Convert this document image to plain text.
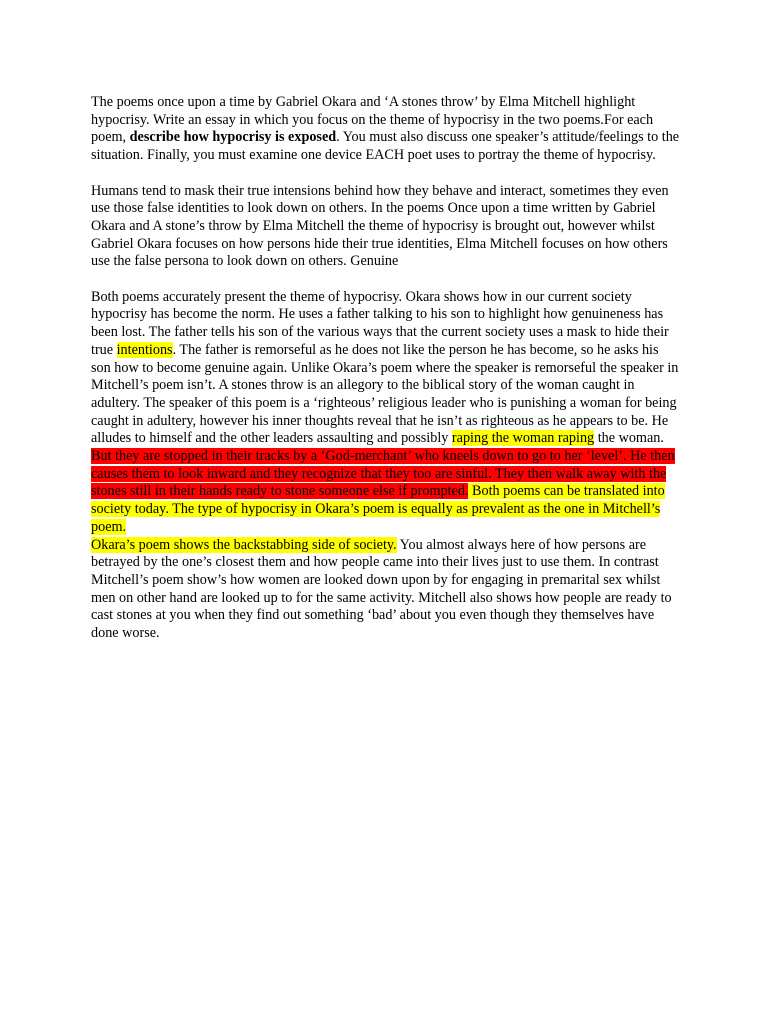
The poems once upon a time by Gabriel Okara and ‘A stones throw’ by Elma Mitchell highlight hypocrisy. Write an essay in which you focus on the theme of hypocrisy in the two poems.For each poem, describe how hypocrisy is exposed. You must also discuss one speaker’s attitude/feelings to the situation. Finally, you must examine one device EACH poet uses to portray the theme of hypocrisy.

Humans tend to mask their true intensions behind how they behave and interact, sometimes they even use those false identities to look down on others. In the poems Once upon a time written by Gabriel Okara and A stone’s throw by Elma Mitchell the theme of hypocrisy is brought out, however whilst Gabriel Okara focuses on how persons hide their true identities, Elma Mitchell focuses on how others use the false persona to look down on others. Genuine

Both poems accurately present the theme of hypocrisy. Okara shows how in our current society hypocrisy has become the norm. He uses a father talking to his son to highlight how genuineness has been lost. The father tells his son of the various ways that the current society uses a mask to hide their true intentions. The father is remorseful as he does not like the person he has become, so he asks his son how to become genuine again. Unlike Okara’s poem where the speaker is remorseful the speaker in Mitchell’s poem isn’t. A stones throw is an allegory to the biblical story of the woman caught in adultery. The speaker of this poem is a ‘righteous’ religious leader who is punishing a woman for being caught in adultery, however his inner thoughts reveal that he isn’t as righteous as he appears to be. He alludes to himself and the other leaders assaulting and possibly raping the woman raping the woman. But they are stopped in their tracks by a ‘God-merchant’ who kneels down to go to her ‘level’. He then causes them to look inward and they recognize that they too are sinful. They then walk away with the stones still in their hands ready to stone someone else if prompted. Both poems can be translated into society today. The type of hypocrisy in Okara’s poem is equally as prevalent as the one in Mitchell’s poem.
Okara’s poem shows the backstabbing side of society. You almost always here of how persons are betrayed by the one’s closest them and how people came into their lives just to use them. In contrast Mitchell’s poem show’s how women are looked down upon by for engaging in premarital sex whilst men on other hand are looked up to for the same activity. Mitchell also shows how people are ready to cast stones at you when they find out something ‘bad’ about you even though they themselves have done worse.
